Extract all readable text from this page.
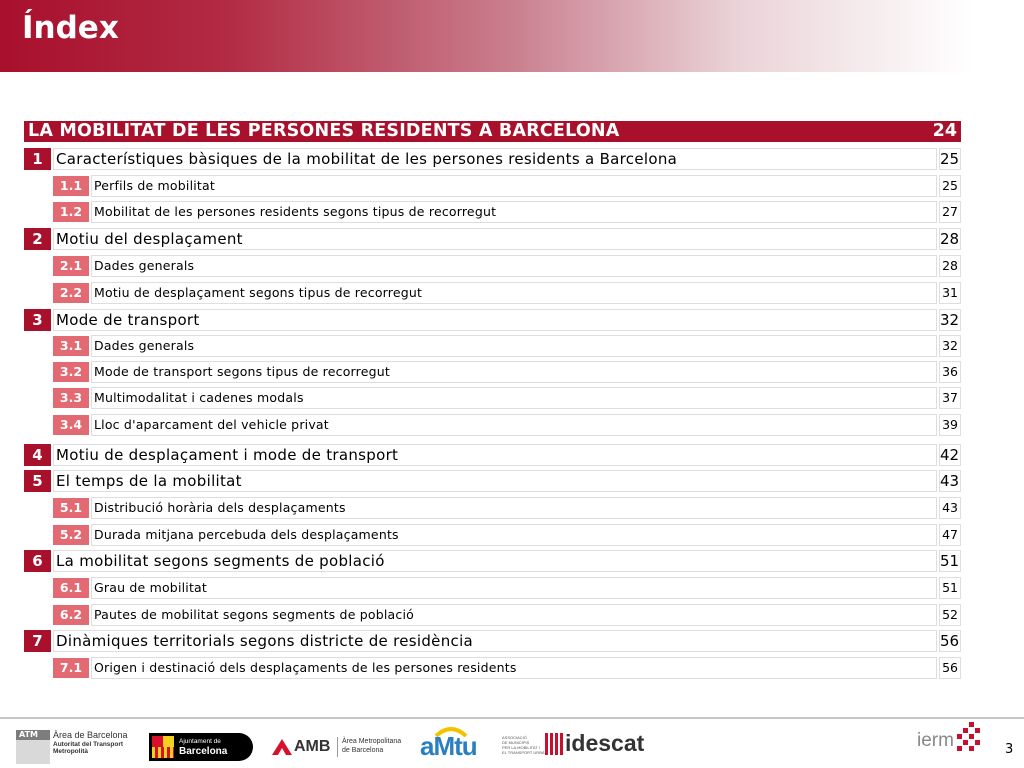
Índex
LA MOBILITAT DE LES PERSONES RESIDENTS A BARCELONA	24
1 Característiques bàsiques de la mobilitat de les persones residents a Barcelona	25
1.1 Perfils de mobilitat	25
1.2 Mobilitat de les persones residents segons tipus de recorregut	27
2 Motiu del desplaçament	28
2.1 Dades generals	28
2.2 Motiu de desplaçament segons tipus de recorregut	31
3 Mode de transport	32
3.1 Dades generals	32
3.2 Mode de transport segons tipus de recorregut	36
3.3 Multimodalitat i cadenes modals	37
3.4 Lloc d'aparcament del vehicle privat	39
4 Motiu de desplaçament i mode de transport	42
5 El temps de la mobilitat	43
5.1 Distribució horària dels desplaçaments	43
5.2 Durada mitjana percebuda dels desplaçaments	47
6 La mobilitat segons segments de població	51
6.1 Grau de mobilitat	51
6.2 Pautes de mobilitat segons segments de població	52
7 Dinàmiques territorials segons districte de residència	56
7.1 Origen i destinació dels desplaçaments de les persones residents	56
ATM	Àrea de Barcelona
Autoritat del Transport
Metropolità
Ajuntament de
Barcelona	AMB Àrea Metropolitana
de Barcelona aMtu	ASSOCIACIÓ
DE MUNICIPIS
PER LA MOBILITAT I
EL TRANSPORT URBÀ idescat	ierm	3
